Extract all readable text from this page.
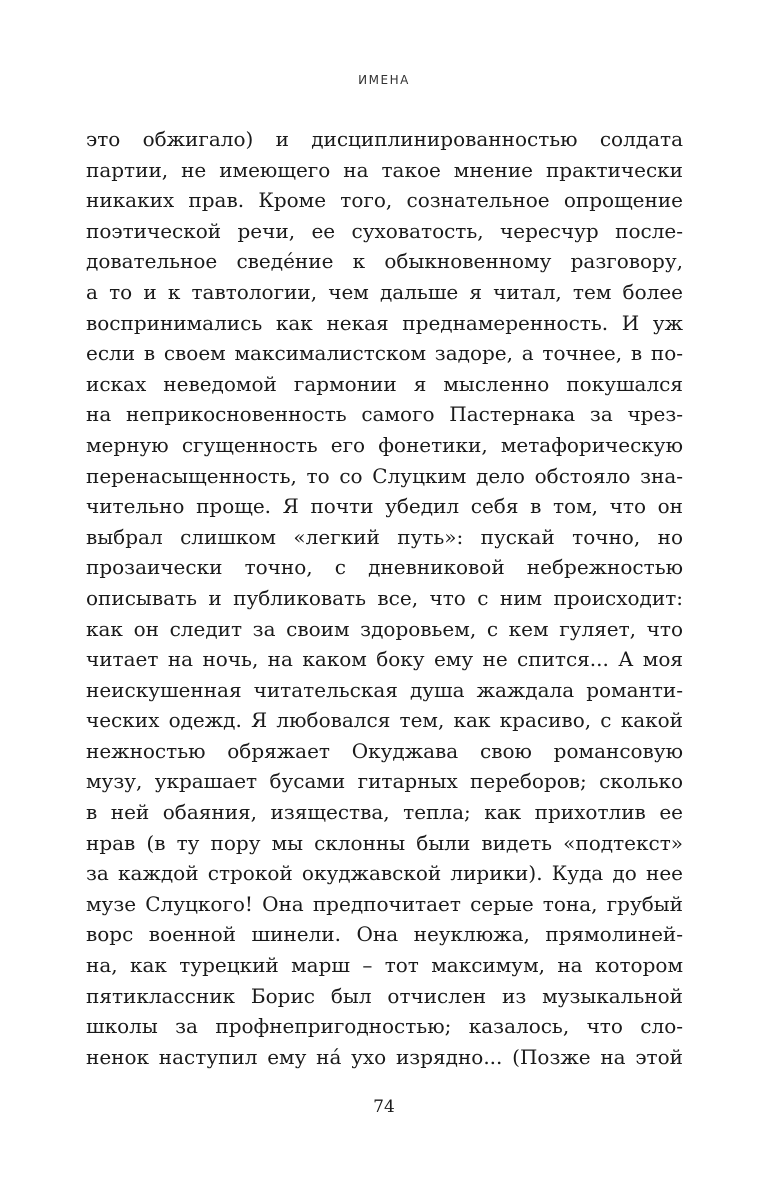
ИМЕНА
это обжигало) и дисциплинированностью солдата
партии, не имеющего на такое мнение практически
никаких прав. Кроме того, сознательное опрощение
поэтической речи, ее суховатость, чересчур после-
довательное сведéние к обыкновенному разговору,
а то и к тавтологии, чем дальше я читал, тем более
воспринимались как некая преднамеренность. И уж
если в своем максималистском задоре, а точнее, в по-
исках неведомой гармонии я мысленно покушался
на неприкосновенность самого Пастернака за чрез-
мерную сгущенность его фонетики, метафорическую
перенасыщенность, то со Слуцким дело обстояло зна-
чительно проще. Я почти убедил себя в том, что он
выбрал слишком «легкий путь»: пускай точно, но
прозаически точно, с дневниковой небрежностью
описывать и публиковать все, что с ним происходит:
как он следит за своим здоровьем, с кем гуляет, что
читает на ночь, на каком боку ему не спится... А моя
неискушенная читательская душа жаждала романти-
ческих одежд. Я любовался тем, как красиво, с какой
нежностью обряжает Окуджава свою романсовую
музу, украшает бусами гитарных переборов; сколько
в ней обаяния, изящества, тепла; как прихотлив ее
нрав (в ту пору мы склонны были видеть «подтекст»
за каждой строкой окуджавской лирики). Куда до нее
музе Слуцкого! Она предпочитает серые тона, грубый
ворс военной шинели. Она неуклюжа, прямолиней-
на, как турецкий марш – тот максимум, на котором
пятиклассник Борис был отчислен из музыкальной
школы за профнепригодностью; казалось, что сло-
ненок наступил ему нá ухо изрядно... (Позже на этой
74
